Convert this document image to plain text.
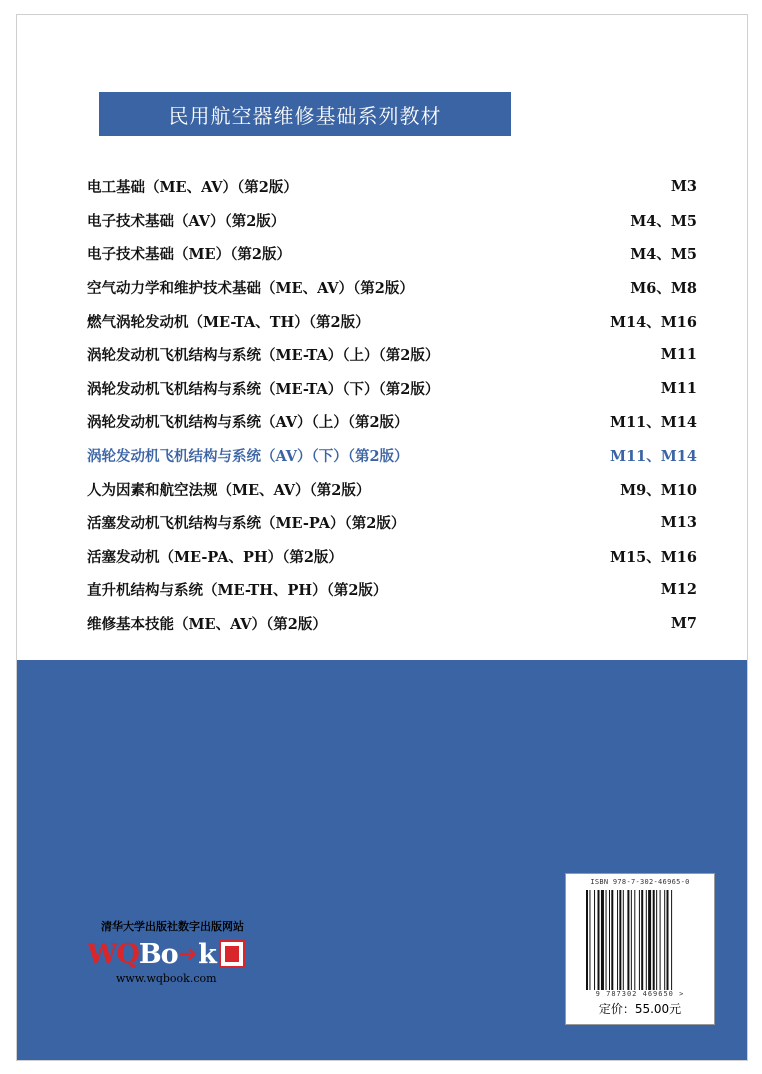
民用航空器维修基础系列教材
电工基础（ME、AV）（第2版）	M3
电子技术基础（AV）（第2版）	M4、M5
电子技术基础（ME）（第2版）	M4、M5
空气动力学和维护技术基础（ME、AV）（第2版）	M6、M8
燃气涡轮发动机（ME-TA、TH）（第2版）	M14、M16
涡轮发动机飞机结构与系统（ME-TA）（上）（第2版）	M11
涡轮发动机飞机结构与系统（ME-TA）（下）（第2版）	M11
涡轮发动机飞机结构与系统（AV）（上）（第2版）	M11、M14
涡轮发动机飞机结构与系统（AV）（下）（第2版）	M11、M14
人为因素和航空法规（ME、AV）（第2版）	M9、M10
活塞发动机飞机结构与系统（ME-PA）（第2版）	M13
活塞发动机（ME-PA、PH）（第2版）	M15、M16
直升机结构与系统（ME-TH、PH）（第2版）	M12
维修基本技能（ME、AV）（第2版）	M7
清华大学出版社数字出版网站
WQ Bo ➔ k
www.wqbook.com
ISBN 978-7-302-46965-0
9 787302 469650 >
定价：55.00元
